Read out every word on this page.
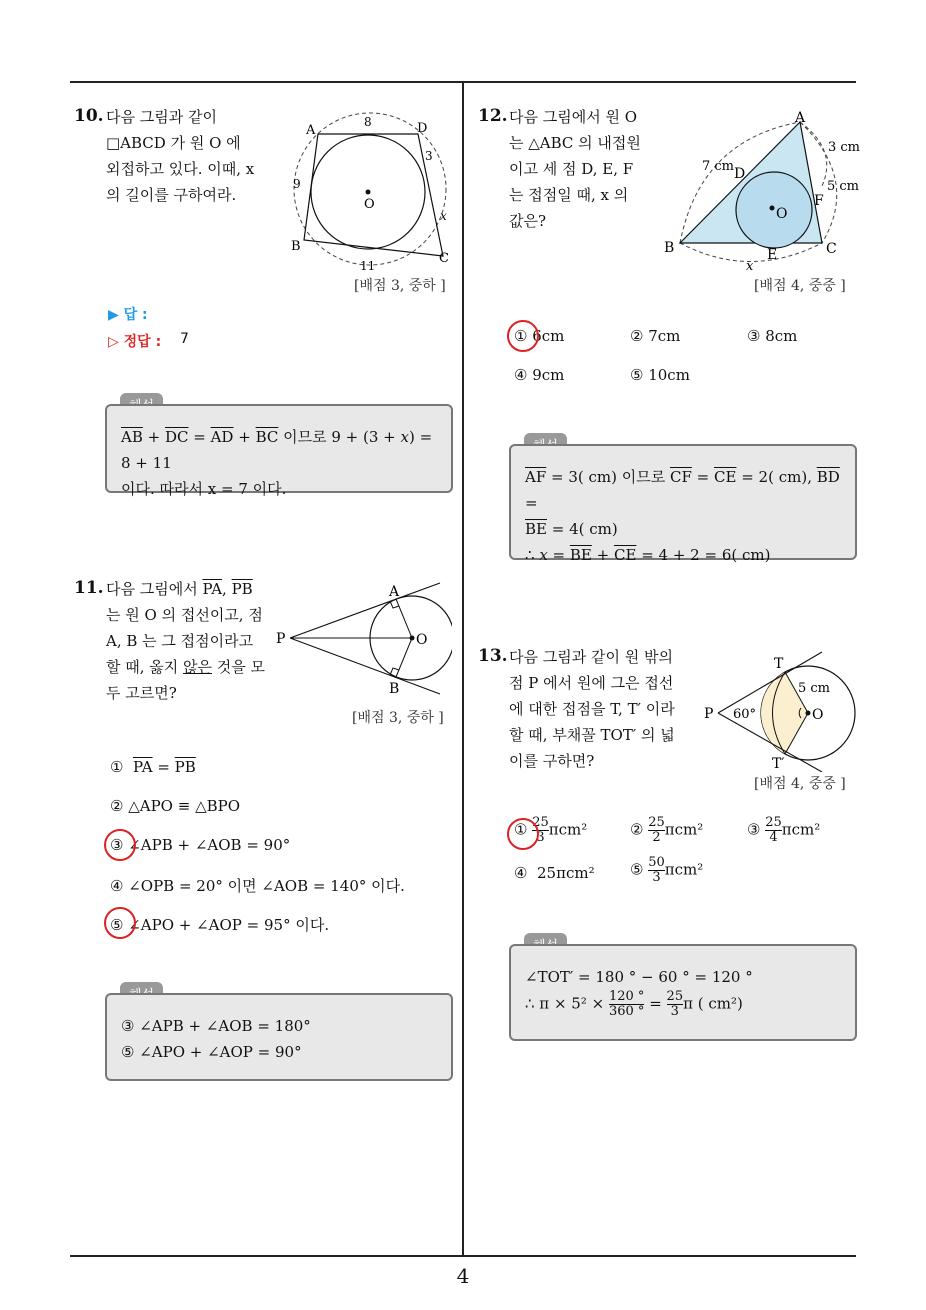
4
10. 다음 그림과 같이
□ABCD 가 원 O 에
외접하고 있다. 이때, x
의 길이를 구하여라.
O
A	D
B
C
8
3
9
11
x
[배점 3, 중하 ]
▶ 답 :
▷ 정답 : 7
$\overline{AB} + \overline{DC} = \overline{AD} + \overline{BC}$ 이므로 9 + (3 + x) = 8 + 11
이다. 따라서 x = 7 이다.
11. 다음 그림에서 $\overline{PA}$, $\overline{PB}$
는 원 O 의 접선이고, 점
A, B 는 그 접점이라고
할 때, 옳지 않은 것을 모
두 고르면?
P	O
A
B
[배점 3, 중하 ]
①  $\overline{PA} = \overline{PB}$
② △APO ≡ △BPO
③ ∠APB + ∠AOB = 90°
④ ∠OPB = 20° 이면 ∠AOB = 140° 이다.
⑤ ∠APO + ∠AOP = 95° 이다.
③ ∠APB + ∠AOB = 180°
⑤ ∠APO + ∠AOP = 90°
12. 다음 그림에서 원 O
는 △ABC 의 내접원
이고 세 점 D, E, F
는 접점일 때, x 의
값은?
A
B	C
D
E
F
O
7 cm
3 cm
5 cm
x
[배점 4, 중중 ]
① 6cm	② 7cm	③ 8cm
④ 9cm	⑤ 10cm
$\overline{AF} = 3$( cm) 이므로 $\overline{CF} = \overline{CE} = 2$( cm), $\overline{BD}$ =
$\overline{BE} = 4$( cm)
∴ $x = \overline{BE} + \overline{CE} = 4 + 2 = 6$( cm)
13. 다음 그림과 같이 원 밖의
점 P 에서 원에 그은 접선
에 대한 접점을 T, T′ 이라
할 때, 부채꼴 TOT′ 의 넓
이를 구하면?
P	O
T
T′
60°
5 cm
[배점 4, 중중 ]
① $\frac{25}{3} \pi cm^2$	② $\frac{25}{2} \pi cm^2$	③ $\frac{25}{4} \pi cm^2$
④ 25πcm² ⑤ $\frac{50}{3} \pi cm^2$
∠TOT′ = 180 ° − 60 ° = 120 °
∴ $\pi \times 5^2 \times \frac{120 ^\circ}{360 ^\circ} = \frac{25}{3}$ π ( cm²)
